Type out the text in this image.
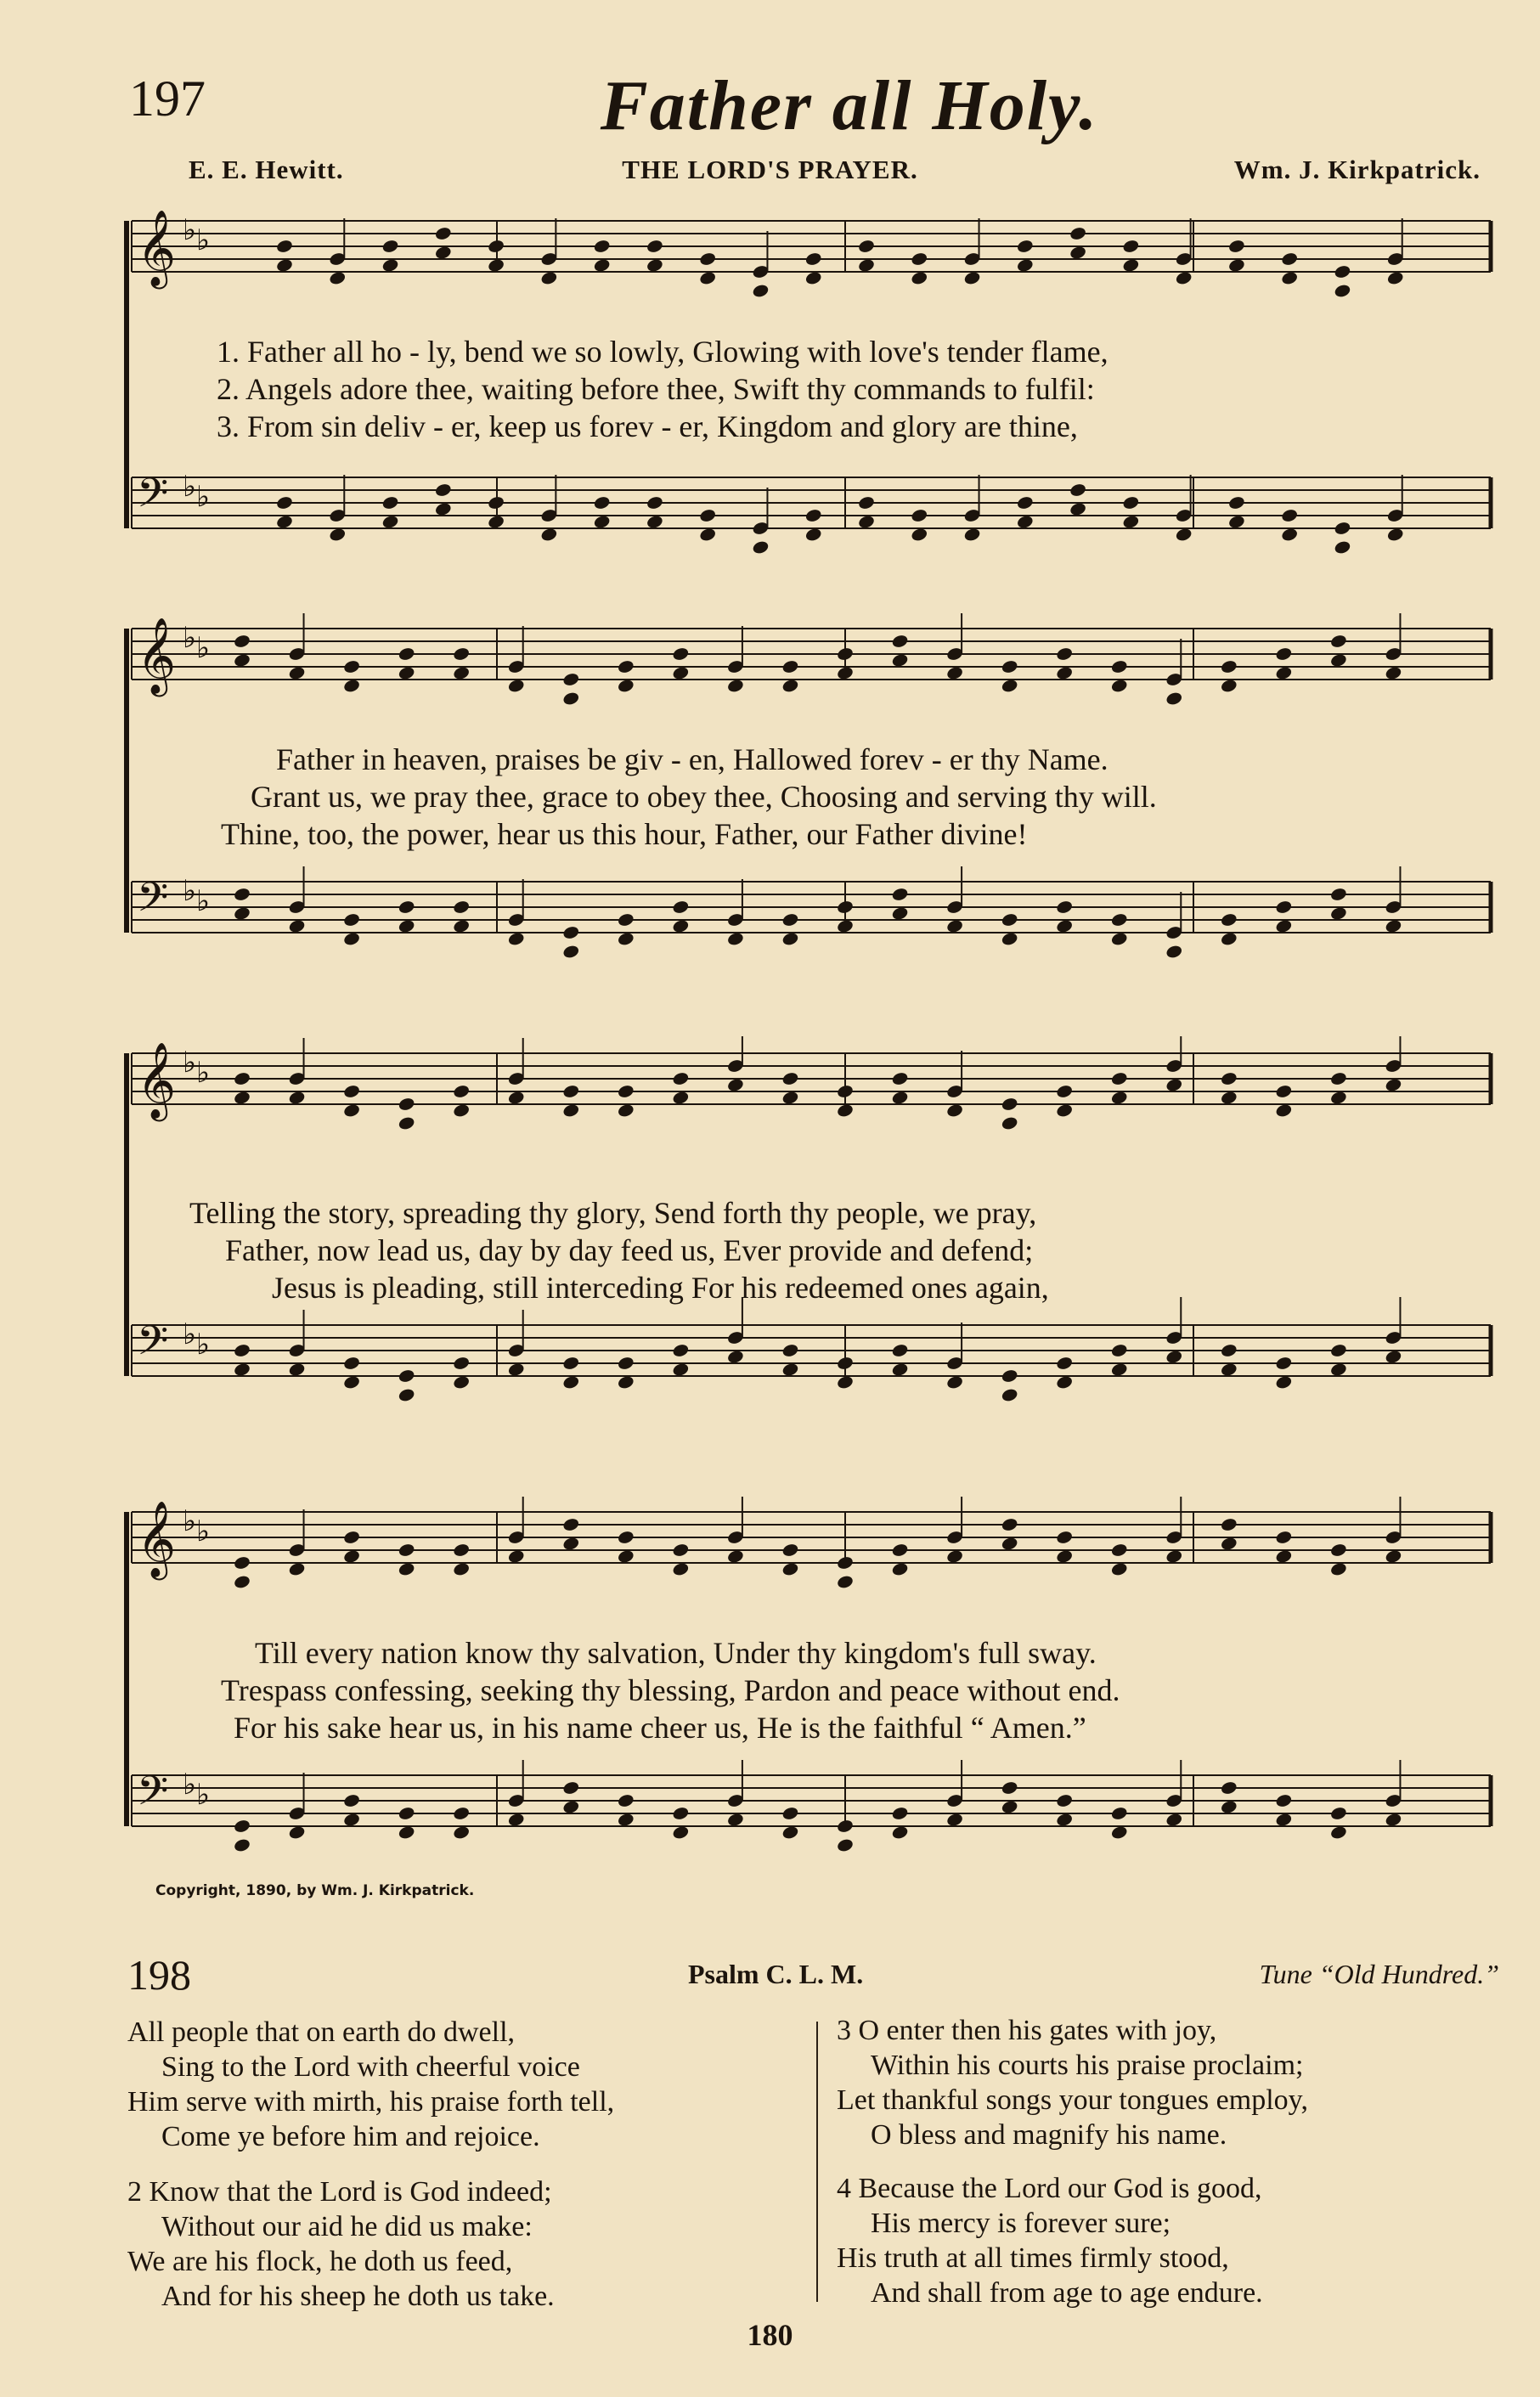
197	Father all Holy.
E. E. Hewitt.	THE LORD'S PRAYER.	Wm. J. Kirkpatrick.
𝄞 ♭ ♭
𝄢 ♭ ♭
1. Father all ho - ly, bend we so lowly, Glowing with love's tender flame,
2. Angels adore thee, waiting before thee, Swift thy commands to fulfil:
3. From sin deliv - er, keep us forev - er, Kingdom and glory are thine,
𝄞 ♭ ♭
𝄢 ♭ ♭
Father in heaven, praises be giv - en, Hallowed forev - er thy Name.
Grant us, we pray thee, grace to obey thee, Choosing and serving thy will.
Thine, too, the power, hear us this hour, Father, our Father divine!
𝄞 ♭ ♭
𝄢 ♭ ♭
Telling the story, spreading thy glory, Send forth thy people, we pray,
Father, now lead us, day by day feed us, Ever provide and defend;
Jesus is pleading, still interceding For his redeemed ones again,
𝄞 ♭ ♭
𝄢 ♭ ♭
Till every nation know thy salvation, Under thy kingdom's full sway.
Trespass confessing, seeking thy blessing, Pardon and peace without end.
For his sake hear us, in his name cheer us, He is the faithful “ Amen.”
Copyright, 1890, by Wm. J. Kirkpatrick.
198	Psalm C. L. M.	Tune “Old Hundred.”
All people that on earth do dwell,
Sing to the Lord with cheerful voice
Him serve with mirth, his praise forth tell,
Come ye before him and rejoice.
2 Know that the Lord is God indeed;
Without our aid he did us make:
We are his flock, he doth us feed,
And for his sheep he doth us take.
3 O enter then his gates with joy,
Within his courts his praise proclaim;
Let thankful songs your tongues employ,
O bless and magnify his name.
4 Because the Lord our God is good,
His mercy is forever sure;
His truth at all times firmly stood,
And shall from age to age endure.
180
